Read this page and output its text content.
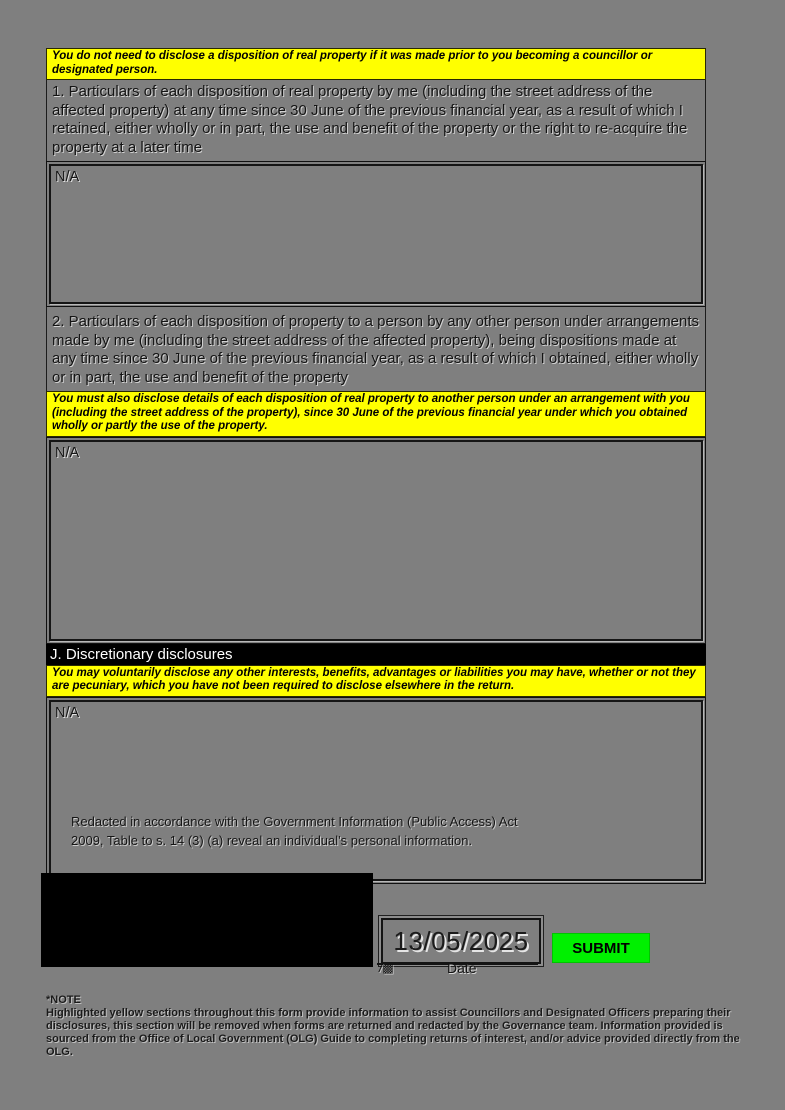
You do not need to disclose a disposition of real property if it was made prior to you becoming a councillor or designated person.
1. Particulars of each disposition of real property by me (including the street address of the affected property) at any time since 30 June of the previous financial year, as a result of which I retained, either wholly or in part, the use and benefit of the property or the right to re-acquire the property at a later time
N/A
2. Particulars of each disposition of property to a person by any other person under arrangements made by me (including the street address of the affected property), being dispositions made at any time since 30 June of the previous financial year, as a result of which I obtained, either wholly or in part, the use and benefit of the property
You must also disclose details of each disposition of real property to another person under an arrangement with you (including the street address of the property), since 30 June of the previous financial year under which you obtained wholly or partly the use of the property.
N/A
J. Discretionary disclosures
You may voluntarily disclose any other interests, benefits, advantages or liabilities you may have, whether or not they are pecuniary, which you have not been required to disclose elsewhere in the return.
N/A
Redacted in accordance with the Government Information (Public Access) Act 2009, Table to s. 14 (3) (a) reveal an individual's personal information.
13/05/2025
/▩	Date
SUBMIT
*NOTE
Highlighted yellow sections throughout this form provide information to assist Councillors and Designated Officers preparing their disclosures, this section will be removed when forms are returned and redacted by the Governance team. Information provided is sourced from the Office of Local Government (OLG) Guide to completing returns of interest, and/or advice provided directly from the OLG.
